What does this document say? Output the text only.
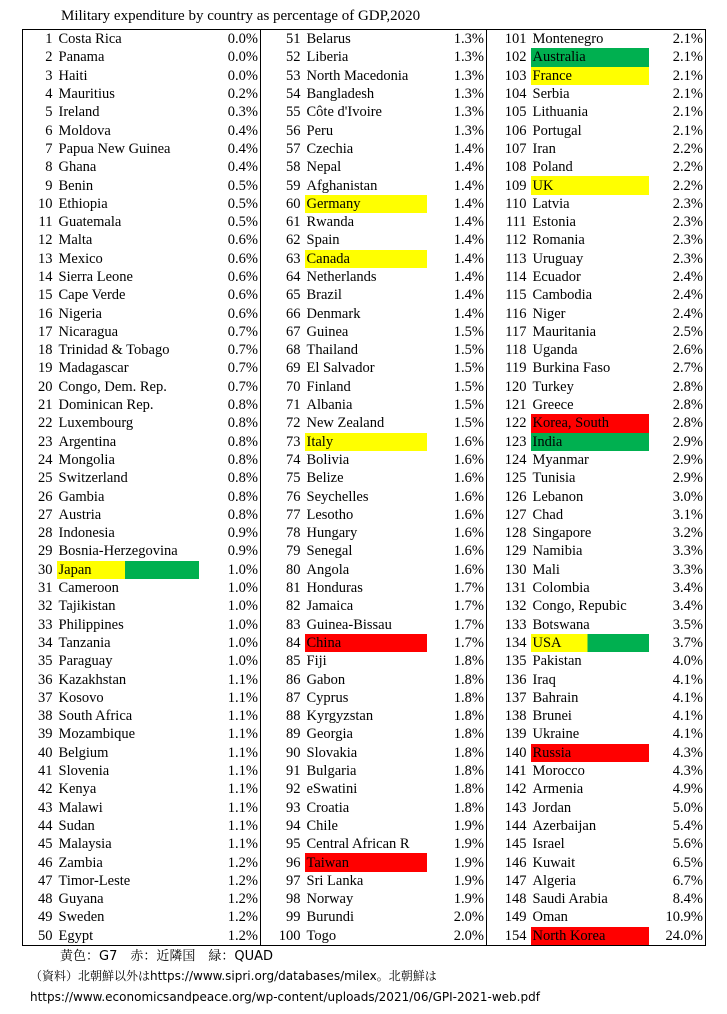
Military expenditure by country as percentage of GDP,2020
1	Costa Rica	0.0%	51	Belarus	1.3%	101	Montenegro	2.1%
2	Panama	0.0%	52	Liberia	1.3%	102	Australia	2.1%
3	Haiti	0.0%	53	North Macedonia	1.3%	103	France	2.1%
4	Mauritius	0.2%	54	Bangladesh	1.3%	104	Serbia	2.1%
5	Ireland	0.3%	55	Côte d'Ivoire	1.3%	105	Lithuania	2.1%
6	Moldova	0.4%	56	Peru	1.3%	106	Portugal	2.1%
7	Papua New Guinea	0.4%	57	Czechia	1.4%	107	Iran	2.2%
8	Ghana	0.4%	58	Nepal	1.4%	108	Poland	2.2%
9	Benin	0.5%	59	Afghanistan	1.4%	109	UK	2.2%
10	Ethiopia	0.5%	60	Germany	1.4%	110	Latvia	2.3%
11	Guatemala	0.5%	61	Rwanda	1.4%	111	Estonia	2.3%
12	Malta	0.6%	62	Spain	1.4%	112	Romania	2.3%
13	Mexico	0.6%	63	Canada	1.4%	113	Uruguay	2.3%
14	Sierra Leone	0.6%	64	Netherlands	1.4%	114	Ecuador	2.4%
15	Cape Verde	0.6%	65	Brazil	1.4%	115	Cambodia	2.4%
16	Nigeria	0.6%	66	Denmark	1.4%	116	Niger	2.4%
17	Nicaragua	0.7%	67	Guinea	1.5%	117	Mauritania	2.5%
18	Trinidad & Tobago	0.7%	68	Thailand	1.5%	118	Uganda	2.6%
19	Madagascar	0.7%	69	El Salvador	1.5%	119	Burkina Faso	2.7%
20	Congo, Dem. Rep.	0.7%	70	Finland	1.5%	120	Turkey	2.8%
21	Dominican Rep.	0.8%	71	Albania	1.5%	121	Greece	2.8%
22	Luxembourg	0.8%	72	New Zealand	1.5%	122	Korea, South	2.8%
23	Argentina	0.8%	73	Italy	1.6%	123	India	2.9%
24	Mongolia	0.8%	74	Bolivia	1.6%	124	Myanmar	2.9%
25	Switzerland	0.8%	75	Belize	1.6%	125	Tunisia	2.9%
26	Gambia	0.8%	76	Seychelles	1.6%	126	Lebanon	3.0%
27	Austria	0.8%	77	Lesotho	1.6%	127	Chad	3.1%
28	Indonesia	0.9%	78	Hungary	1.6%	128	Singapore	3.2%
29	Bosnia-Herzegovina	0.9%	79	Senegal	1.6%	129	Namibia	3.3%
30	Japan	1.0%	80	Angola	1.6%	130	Mali	3.3%
31	Cameroon	1.0%	81	Honduras	1.7%	131	Colombia	3.4%
32	Tajikistan	1.0%	82	Jamaica	1.7%	132	Congo, Repubic	3.4%
33	Philippines	1.0%	83	Guinea-Bissau	1.7%	133	Botswana	3.5%
34	Tanzania	1.0%	84	China	1.7%	134	USA	3.7%
35	Paraguay	1.0%	85	Fiji	1.8%	135	Pakistan	4.0%
36	Kazakhstan	1.1%	86	Gabon	1.8%	136	Iraq	4.1%
37	Kosovo	1.1%	87	Cyprus	1.8%	137	Bahrain	4.1%
38	South Africa	1.1%	88	Kyrgyzstan	1.8%	138	Brunei	4.1%
39	Mozambique	1.1%	89	Georgia	1.8%	139	Ukraine	4.1%
40	Belgium	1.1%	90	Slovakia	1.8%	140	Russia	4.3%
41	Slovenia	1.1%	91	Bulgaria	1.8%	141	Morocco	4.3%
42	Kenya	1.1%	92	eSwatini	1.8%	142	Armenia	4.9%
43	Malawi	1.1%	93	Croatia	1.8%	143	Jordan	5.0%
44	Sudan	1.1%	94	Chile	1.9%	144	Azerbaijan	5.4%
45	Malaysia	1.1%	95	Central African R	1.9%	145	Israel	5.6%
46	Zambia	1.2%	96	Taiwan	1.9%	146	Kuwait	6.5%
47	Timor-Leste	1.2%	97	Sri Lanka	1.9%	147	Algeria	6.7%
48	Guyana	1.2%	98	Norway	1.9%	148	Saudi Arabia	8.4%
49	Sweden	1.2%	99	Burundi	2.0%	149	Oman	10.9%
50	Egypt	1.2%	100	Togo	2.0%	154	North Korea	24.0%
黄色：G7　赤：近隣国　緑：QUAD
（資料）北朝鮮以外はhttps://www.sipri.org/databases/milex。北朝鮮は
https://www.economicsandpeace.org/wp-content/uploads/2021/06/GPI-2021-web.pdf
